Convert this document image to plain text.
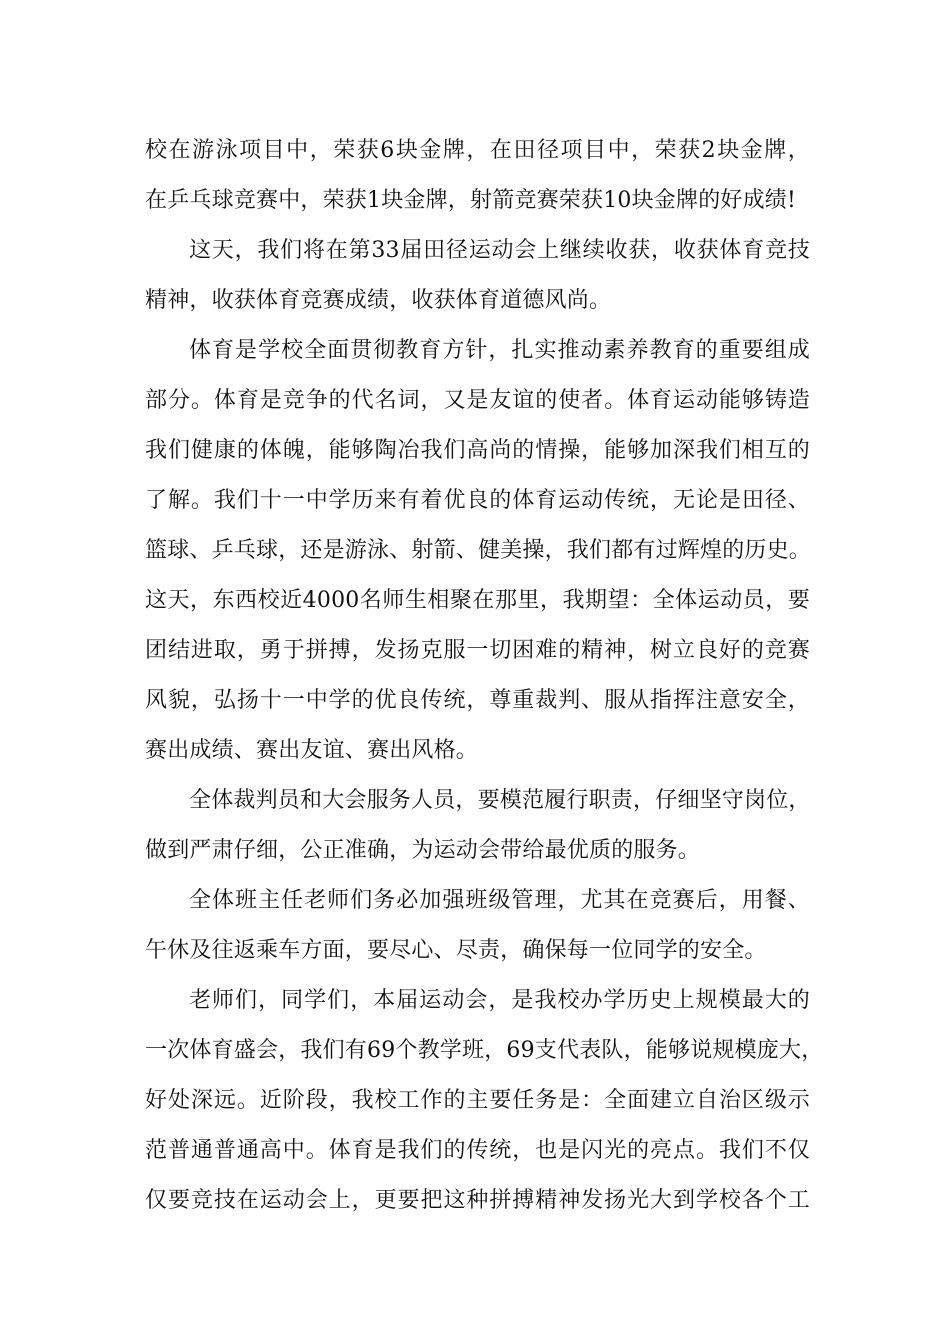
校在游泳项目中，荣获6块金牌，在田径项目中，荣获2块金牌，
在乒乓球竞赛中，荣获1块金牌，射箭竞赛荣获10块金牌的好成绩!
这天，我们将在第33届田径运动会上继续收获，收获体育竞技
精神，收获体育竞赛成绩，收获体育道德风尚。
体育是学校全面贯彻教育方针，扎实推动素养教育的重要组成
部分。体育是竞争的代名词，又是友谊的使者。体育运动能够铸造
我们健康的体魄，能够陶冶我们高尚的情操，能够加深我们相互的
了解。我们十一中学历来有着优良的体育运动传统，无论是田径、
篮球、乒乓球，还是游泳、射箭、健美操，我们都有过辉煌的历史。
这天，东西校近4000名师生相聚在那里，我期望：全体运动员，要
团结进取，勇于拼搏，发扬克服一切困难的精神，树立良好的竞赛
风貌，弘扬十一中学的优良传统，尊重裁判、服从指挥注意安全，
赛出成绩、赛出友谊、赛出风格。
全体裁判员和大会服务人员，要模范履行职责，仔细坚守岗位，
做到严肃仔细，公正准确，为运动会带给最优质的服务。
全体班主任老师们务必加强班级管理，尤其在竞赛后，用餐、
午休及往返乘车方面，要尽心、尽责，确保每一位同学的安全。
老师们，同学们，本届运动会，是我校办学历史上规模最大的
一次体育盛会，我们有69个教学班，69支代表队，能够说规模庞大，
好处深远。近阶段，我校工作的主要任务是：全面建立自治区级示
范普通普通高中。体育是我们的传统，也是闪光的亮点。我们不仅
仅要竞技在运动会上，更要把这种拼搏精神发扬光大到学校各个工
